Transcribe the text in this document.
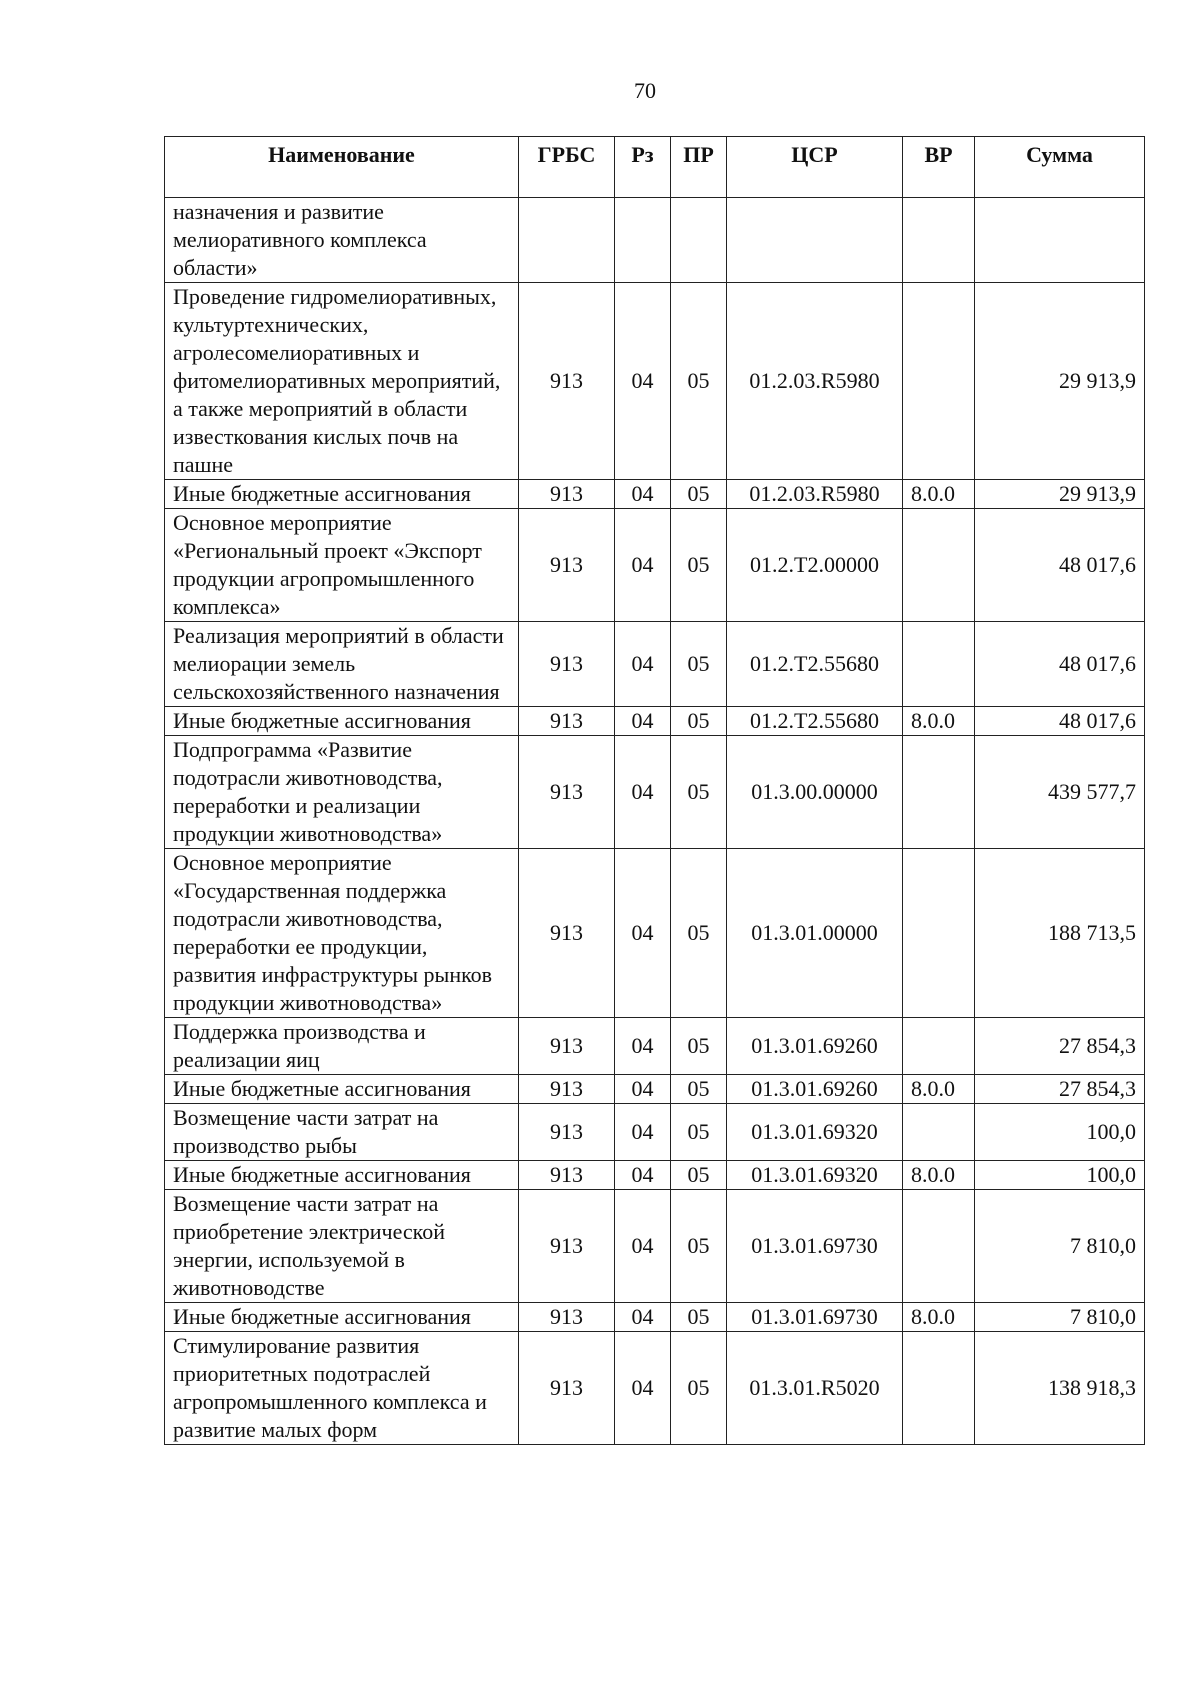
70
Наименование	ГРБС	Рз	ПР	ЦСР	ВР	Сумма
назначения и развитие мелиоративного комплекса области»						
Проведение гидромелиоративных, культуртехнических, агролесомелиоративных и фитомелиоративных мероприятий, а также мероприятий в области известкования кислых почв на пашне	913	04	05	01.2.03.R5980		29 913,9
Иные бюджетные ассигнования	913	04	05	01.2.03.R5980	8.0.0	29 913,9
Основное мероприятие «Региональный проект «Экспорт продукции агропромышленного комплекса»	913	04	05	01.2.T2.00000		48 017,6
Реализация мероприятий в области мелиорации земель сельскохозяйственного назначения	913	04	05	01.2.T2.55680		48 017,6
Иные бюджетные ассигнования	913	04	05	01.2.T2.55680	8.0.0	48 017,6
Подпрограмма «Развитие подотрасли животноводства, переработки и реализации продукции животноводства»	913	04	05	01.3.00.00000		439 577,7
Основное мероприятие «Государственная поддержка подотрасли животноводства, переработки ее продукции, развития инфраструктуры рынков продукции животноводства»	913	04	05	01.3.01.00000		188 713,5
Поддержка производства и реализации яиц	913	04	05	01.3.01.69260		27 854,3
Иные бюджетные ассигнования	913	04	05	01.3.01.69260	8.0.0	27 854,3
Возмещение части затрат на производство рыбы	913	04	05	01.3.01.69320		100,0
Иные бюджетные ассигнования	913	04	05	01.3.01.69320	8.0.0	100,0
Возмещение части затрат на приобретение электрической энергии, используемой в животноводстве	913	04	05	01.3.01.69730		7 810,0
Иные бюджетные ассигнования	913	04	05	01.3.01.69730	8.0.0	7 810,0
Стимулирование развития приоритетных подотраслей агропромышленного комплекса и развитие малых форм	913	04	05	01.3.01.R5020		138 918,3
